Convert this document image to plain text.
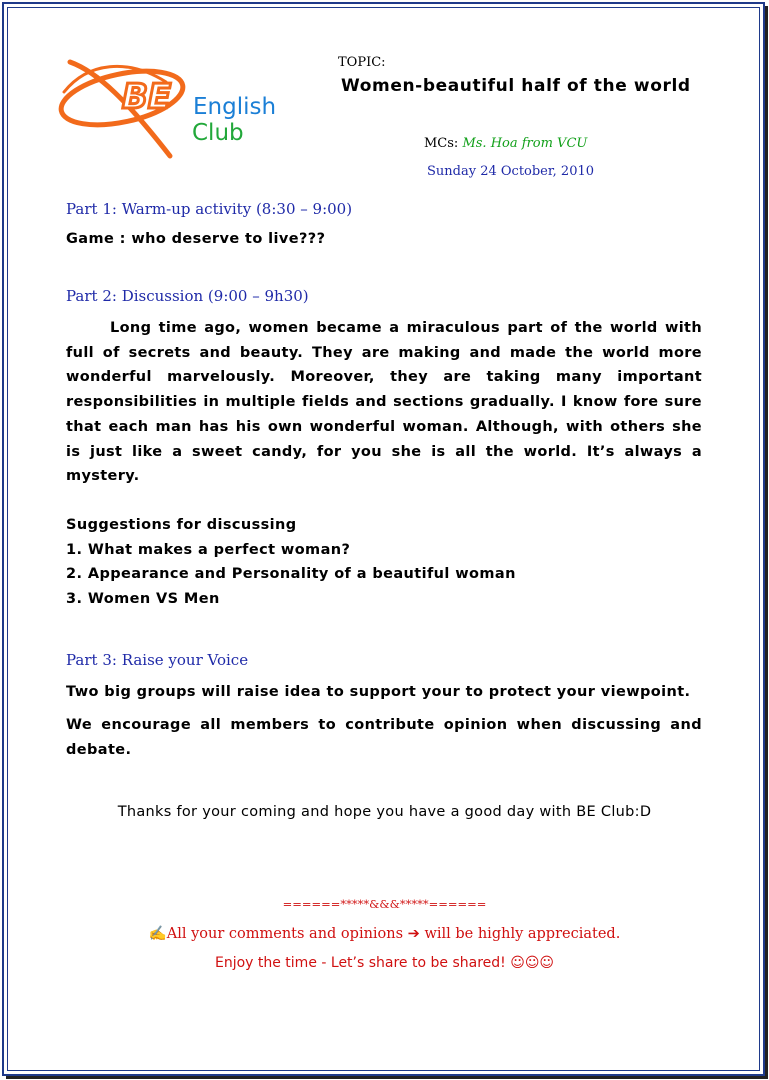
BE English
Club
TOPIC:
Women-beautiful half of the world
MCs: Ms. Hoa from VCU
Sunday 24 October, 2010
Part 1: Warm-up activity (8:30 – 9:00)
Game : who deserve to live???
Part 2: Discussion (9:00 – 9h30)
Long time ago, women became a miraculous part of the world with full of secrets and beauty. They are making and made the world more wonderful marvelously. Moreover, they are taking many important responsibilities in multiple fields and sections gradually. I know fore sure that each man has his own wonderful woman. Although, with others she is just like a sweet candy, for you she is all the world. It’s always a mystery.
Suggestions for discussing
1. What makes a perfect woman?
2. Appearance and Personality of a beautiful woman
3. Women VS Men
Part 3: Raise your Voice
Two big groups will raise idea to support your to protect your viewpoint.
We encourage all members to contribute opinion when discussing and debate.
Thanks for your coming and hope you have a good day with BE Club:D
======*****&&&*****======
✍All your comments and opinions ➔ will be highly appreciated.
Enjoy the time - Let’s share to be shared! ☺☺☺
